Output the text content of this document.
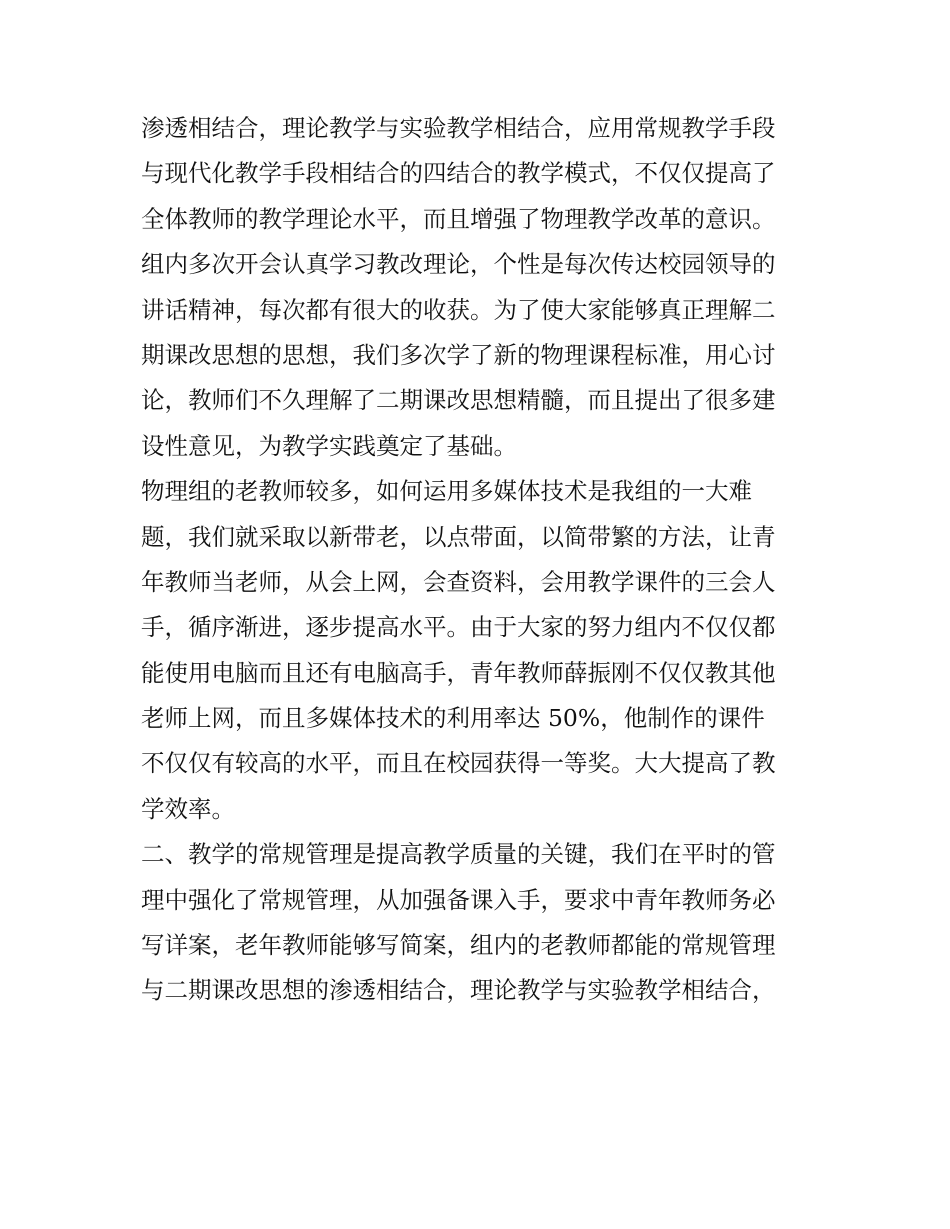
渗透相结合，理论教学与实验教学相结合，应用常规教学手段
与现代化教学手段相结合的四结合的教学模式，不仅仅提高了
全体教师的教学理论水平，而且增强了物理教学改革的意识。
组内多次开会认真学习教改理论，个性是每次传达校园领导的
讲话精神，每次都有很大的收获。为了使大家能够真正理解二
期课改思想的思想，我们多次学了新的物理课程标准，用心讨
论，教师们不久理解了二期课改思想精髓，而且提出了很多建
设性意见，为教学实践奠定了基础。
物理组的老教师较多，如何运用多媒体技术是我组的一大难
题，我们就采取以新带老，以点带面，以简带繁的方法，让青
年教师当老师，从会上网，会查资料，会用教学课件的三会人
手，循序渐进，逐步提高水平。由于大家的努力组内不仅仅都
能使用电脑而且还有电脑高手，青年教师薛振刚不仅仅教其他
老师上网，而且多媒体技术的利用率达 50%，他制作的课件
不仅仅有较高的水平，而且在校园获得一等奖。大大提高了教
学效率。
二、教学的常规管理是提高教学质量的关键，我们在平时的管
理中强化了常规管理，从加强备课入手，要求中青年教师务必
写详案，老年教师能够写简案，组内的老教师都能的常规管理
与二期课改思想的渗透相结合，理论教学与实验教学相结合，
